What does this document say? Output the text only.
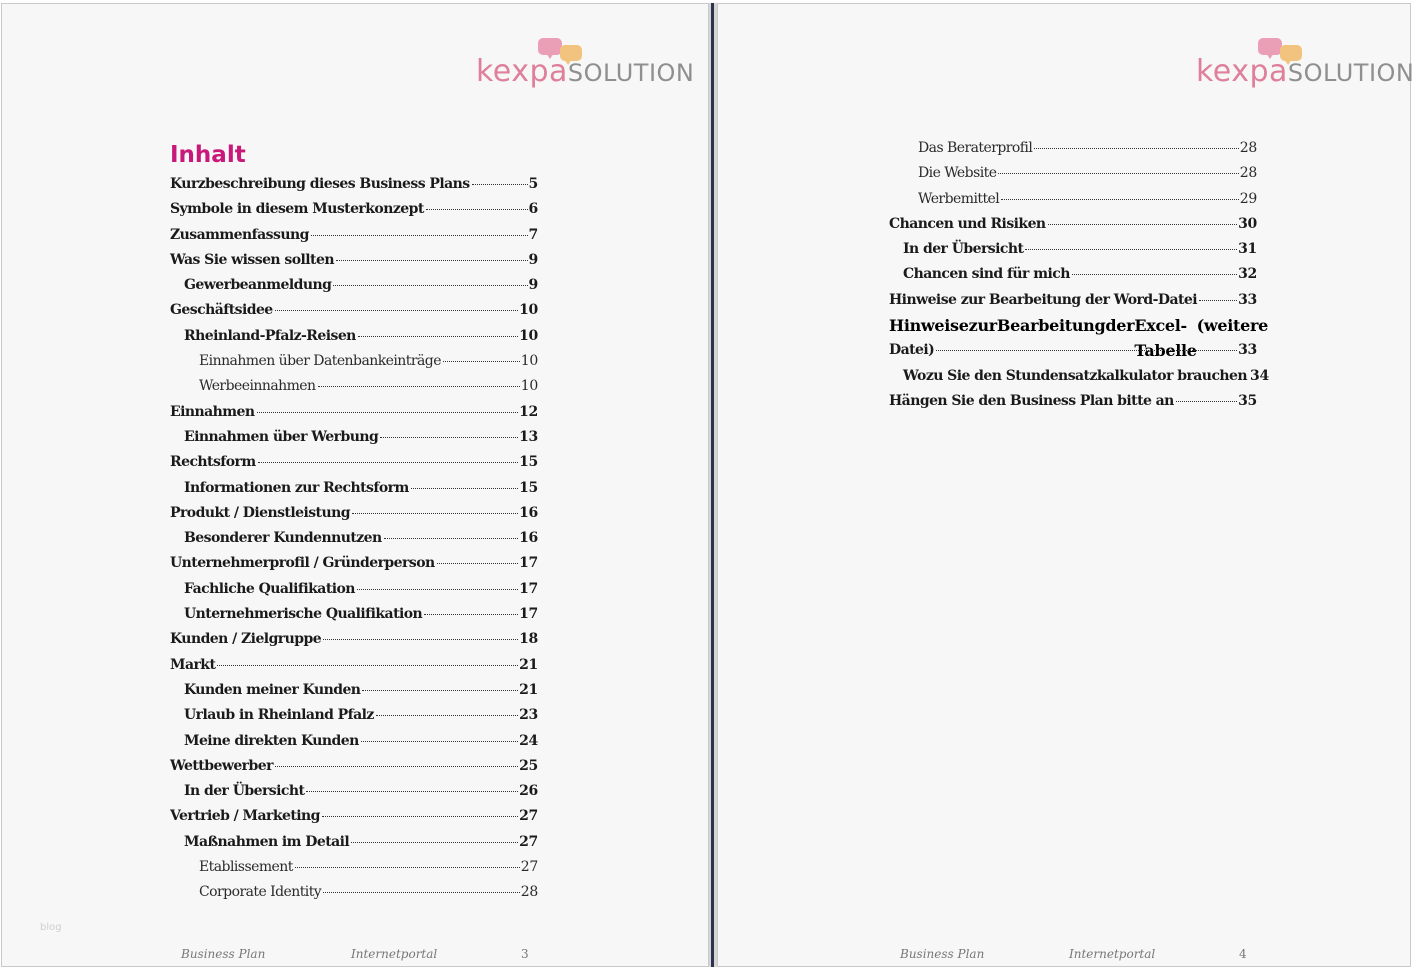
kexpaSOLUTION
Inhalt
Kurzbeschreibung dieses Business Plans	5
Symbole in diesem Musterkonzept	6
Zusammenfassung	7
Was Sie wissen sollten	9
Gewerbeanmeldung	9
Geschäftsidee	10
Rheinland-Pfalz-Reisen	10
Einnahmen über Datenbankeinträge	10
Werbeeinnahmen	10
Einnahmen	12
Einnahmen über Werbung	13
Rechtsform	15
Informationen zur Rechtsform	15
Produkt / Dienstleistung	16
Besonderer Kundennutzen	16
Unternehmerprofil / Gründerperson	17
Fachliche Qualifikation	17
Unternehmerische Qualifikation	17
Kunden / Zielgruppe	18
Markt	21
Kunden meiner Kunden	21
Urlaub in Rheinland Pfalz	23
Meine direkten Kunden	24
Wettbewerber	25
In der Übersicht	26
Vertrieb / Marketing	27
Maßnahmen im Detail	27
Etablissement	27
Corporate Identity	28
blog
Business Plan	Internetportal	3
kexpaSOLUTION
Das Beraterprofil	28
Die Website	28
Werbemittel	29
Chancen und Risiken	30
In der Übersicht	31
Chancen sind für mich	32
Hinweise zur Bearbeitung der Word-Datei	33
Hinweise zur Bearbeitung der Excel-Tabelle
(weitere
Datei)	33
Wozu Sie den Stundensatzkalkulator brauchen 34
Hängen Sie den Business Plan bitte an	35
Business Plan	Internetportal	4
